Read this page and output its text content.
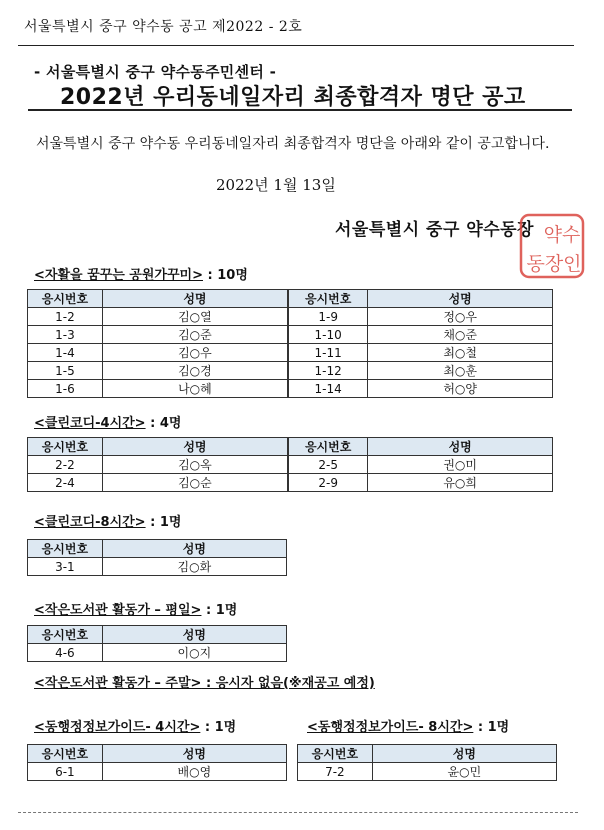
서울특별시 중구 약수동 공고 제2022 - 2호
- 서울특별시 중구 약수동주민센터 -
2022년 우리동네일자리 최종합격자 명단 공고
서울특별시 중구 약수동 우리동네일자리 최종합격자 명단을 아래와 같이 공고합니다.
2022년 1월 13일
서울특별시 중구 약수동장 약수
동장인
<자활을 꿈꾸는 공원가꾸미> : 10명
응시번호	성명	응시번호	성명
1-2	김○열	1-9	정○우
1-3	김○준	1-10	채○준
1-4	김○우	1-11	최○철
1-5	김○경	1-12	최○훈
1-6	나○혜	1-14	허○양
<클린코디-4시간> : 4명
응시번호	성명	응시번호	성명
2-2	김○옥	2-5	권○미
2-4	김○순	2-9	유○희
<클린코디-8시간> : 1명
응시번호	성명
3-1	김○화
<작은도서관 활동가 – 평일> : 1명
응시번호	성명
4-6	이○지
<작은도서관 활동가 – 주말> : 응시자 없음(※재공고 예정)
<동행정정보가이드- 4시간> : 1명
응시번호	성명
6-1	배○영
<동행정정보가이드- 8시간> : 1명
응시번호	성명
7-2	윤○민
